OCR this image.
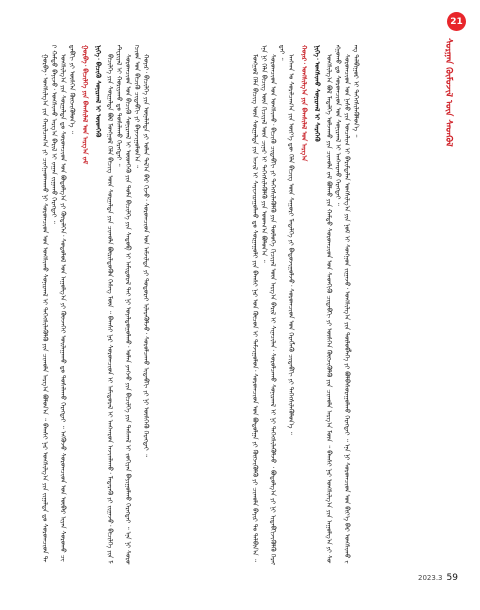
21
ᠰᠤᠷᠭᠠᠨ ᠬᠦᠮᠦᠵᠢᠯ ᠦᠨ ᠰᠡᠳᠬᠦᠯ

ᠮᠣᠩᠭᠣᠯ ᠬᠡᠯᠡ ᠪᠢᠴᠢᠭ ᠦᠨ ᠰᠤᠷᠭᠠᠯᠲᠠ ᠶᠢᠨ ᠠᠵᠢᠯ ᠢ ᠰᠠᠶᠢᠵᠢᠷᠠᠭᠤᠯᠬᠤ ᠳᠤ ᠰᠤᠷᠭᠠᠭᠤᠯᠢ ᠶᠢᠨ ᠪᠠᠭᠰᠢ ᠨᠠᠷ ᠤᠨ ᠬᠦᠴᠦᠨ ᠢ ᠳᠠᠮᠵᠢᠭᠤᠯᠤᠨ᠂ ᠰᠤᠷᠤᠭᠴᠢᠳ ᠤᠨ ᠪᠣᠳᠣᠯᠭᠠ ᠶᠢ ᠬᠥᠭᠵᠢᠭᠦᠯᠬᠦ ᠶᠢ ᠴᠢᠬᠤᠯᠠ ᠪᠠᠶᠢᠷ ᠲᠤ ᠲᠠᠯᠪᠢᠨ᠎ᠠ ᠃ ᠡᠨᠡ ᠨᠢ ᠬᠡᠯᠡ ᠪᠢᠴᠢᠭ ᠦᠨ ᠬᠢᠴᠢᠶᠡᠯ ᠦᠨ ᠴᠢᠨᠠᠷ ᠢ ᠳᠡᠭᠡᠭᠰᠢᠯᠡᠭᠦᠯᠬᠦ ᠶᠢᠨ ᠤᠳᠬ᠎ᠠ ᠪᠣᠯᠤᠨ᠎ᠠ ᠃ ᠰᠤᠷᠤᠭᠴᠢᠳ ᠤᠨ ᠤᠩᠰᠢᠬᠤ᠂ ᠪᠢᠴᠢᠬᠦ ᠴᠢᠳᠠᠪᠬᠢ ᠶᠢ ᠳᠡᠭᠡᠭᠰᠢᠯᠡᠭᠦᠯᠬᠦ ᠶᠢᠨ ᠲᠥᠯᠦᠭᠡ ᠬᠢᠴᠢᠶᠡᠯ ᠦᠨ ᠠᠷᠭ᠎ᠠ ᠪᠠᠷᠢᠯ ᠢ ᠰᠢᠨᠡᠴᠢᠯᠡᠨ᠂ ᠰᠤᠷᠤᠯᠴᠠᠬᠤ ᠰᠣᠨᠢᠷᠬᠠᠯ ᠢ ᠨᠢ ᠳᠡᠭᠡᠭᠰᠢᠯᠡᠭᠦᠯᠵᠦ ᠂ ᠪᠤᠳᠤᠯᠭ᠎ᠠ ᠶᠢ ᠨᠢ ᠢᠳᠡᠪᠬᠢᠵᠢᠭᠦᠯᠬᠦ ᠬᠡᠷᠡᠭᠲᠡᠢ ᠃

ᠠᠩᠬᠠᠨ ᠤ ᠰᠤᠷᠠᠯᠴᠠᠭ᠎ᠠ ᠶᠢᠨ ᠦᠶ᠎ᠡ ᠳᠦ ᠬᠡᠯᠡ ᠪᠢᠴᠢᠭ ᠦᠨ ᠰᠠᠭᠤᠷᠢ ᠮᠡᠳᠡᠯᠭᠡ ᠶᠢ ᠪᠠᠲᠤᠵᠢᠭᠤᠯᠵᠤ᠂ ᠰᠤᠷᠤᠭᠴᠢᠳ ᠤᠨ ᠬᠡᠷᠡᠭᠯᠡᠬᠦ ᠴᠢᠳᠠᠪᠬᠢ ᠶᠢ ᠳᠡᠭᠡᠭᠰᠢᠯᠡᠭᠦᠯᠦᠨ᠎ᠡ ᠃ ᠬᠣᠶᠠᠷ᠂ ᠤᠩᠰᠢᠯᠭ᠎ᠠ ᠶᠢᠨ ᠪᠠᠭᠰᠢᠯᠠᠯ ᠤᠨ ᠠᠷᠭ᠎ᠠ ᠨᠢᠭᠡ᠂ ᠤᠩᠰᠢᠬᠤ ᠰᠣᠨᠢᠷᠬᠠᠯ ᠢ ᠰᠡᠷᠡᠭᠡᠬᠦ ᠤᠩᠰᠢᠯᠭ᠎ᠠ ᠪᠣᠯ ᠮᠡᠳᠡᠯᠭᠡ ᠣᠯᠵᠠᠬᠤ ᠶᠢᠨ ᠴᠢᠬᠤᠯᠠ ᠵᠠᠮ ᠪᠣᠯᠬᠤ ᠶᠢᠨ ᠬᠠᠮᠲᠤ ᠰᠤᠷᠤᠭᠴᠢᠳ ᠤᠨ ᠰᠡᠳᠬᠢᠬᠦ ᠴᠢᠳᠠᠪᠬᠢ ᠶᠢ ᠥᠰᠬᠡᠨ ᠬᠥᠭᠵᠢᠭᠦᠯᠬᠦ ᠶᠢᠨ ᠴᠢᠬᠤᠯᠠ ᠠᠷᠭ᠎ᠠ ᠮᠥᠨ ᠃ ᠪᠠᠭᠰᠢ ᠨᠠᠷ ᠤᠩᠰᠢᠯᠭ᠎ᠠ ᠶᠢᠨ ᠠᠭᠤᠯᠭ᠎ᠠ ᠶᠢ ᠰᠣᠩᠭᠣᠬᠤ ᠳᠤ ᠰᠤᠷᠤᠭᠴᠢᠳ ᠤᠨ ᠰᠣᠨᠢᠷᠬᠠᠯ ᠢ ᠠᠩᠬᠠᠷᠬᠤ ᠬᠡᠷᠡᠭᠲᠡᠢ ᠃ ᠰᠤᠷᠤᠭᠴᠢᠳ ᠤᠨ ᠨᠠᠰᠤ ᠶᠢᠨ ᠣᠨᠴᠠᠯᠢᠭ ᠢ ᠪᠠᠷᠢᠮᠲᠠᠯᠠᠨ ᠤᠩᠰᠢᠯᠭ᠎ᠠ ᠶᠢᠨ ᠨᠣᠮ ᠢ ᠰᠣᠩᠭᠣᠨ ᠵᠢᠭᠠᠵᠤ᠂ ᠤᠩᠰᠢᠯᠭ᠎ᠠ ᠶᠢᠨ ᠲᠥᠯᠦᠪᠯᠡᠭᠡ ᠶᠢ ᠪᠣᠯᠪᠠᠰᠤᠷᠠᠭᠤᠯᠬᠤ ᠬᠡᠷᠡᠭᠲᠡᠢ ᠃ ᠡᠨᠡ ᠨᠢ ᠰᠤᠷᠤᠭᠴᠢᠳ ᠤᠨ ᠪᠢᠶ᠎ᠡ ᠪᠡᠷ ᠤᠩᠰᠢᠬᠤ ᠵᠠᠩ ᠲᠠᠯᠪᠢᠭᠤᠷ ᠢ ᠳᠡᠭᠡᠭᠰᠢᠯᠡᠭᠦᠯᠦᠨ᠎ᠡ ᠃

ᠭᠤᠷᠪᠠ᠂ ᠤᠩᠰᠢᠯᠭ᠎ᠠ ᠶᠢᠨ ᠬᠠᠷᠢᠯᠴᠠᠭ᠎ᠠ ᠶᠢ ᠴᠢᠩᠭᠠᠳᠬᠠᠬᠤ ᠨᠢ ᠰᠤᠷᠤᠭᠴᠢᠳ ᠤᠨ ᠤᠩᠰᠢᠬᠤ ᠰᠣᠨᠢᠷᠬᠠᠯ ᠢ ᠳᠡᠭᠡᠭᠰᠢᠯᠡᠭᠦᠯᠬᠦ ᠶᠢᠨ ᠴᠢᠬᠤᠯᠠ ᠠᠷᠭ᠎ᠠ ᠪᠣᠯᠤᠨ᠎ᠠ ᠃ ᠪᠠᠭᠰᠢ ᠨᠠᠷ ᠤᠩᠰᠢᠯᠭ᠎ᠠ ᠶᠢᠨ ᠵᠢᠭᠠᠯᠲᠠ ᠳᠤ ᠰᠤᠷᠤᠭᠴᠢᠳ ᠲᠠᠢ ᠬᠠᠮᠲᠤ ᠪᠠᠶᠢᠵᠤ᠂ ᠤᠩᠰᠢᠬᠤ ᠠᠷᠭ᠎ᠠ ᠪᠠᠷᠢᠯ ᠢ ᠵᠠᠭᠠᠨ ᠵᠢᠭᠠᠬᠤ ᠬᠡᠷᠡᠭᠲᠡᠢ ᠃ ᠤᠩᠰᠢᠯᠭ᠎ᠠ ᠶᠢᠨ ᠰᠤᠷᠭᠠᠯᠲᠠ ᠳᠤ ᠰᠤᠷᠤᠭᠴᠢᠳ ᠤᠨ ᠪᠣᠳᠣᠯᠭ᠎ᠠ ᠶᠢ ᠬᠥᠳᠡᠯᠭᠡᠨ᠂ ᠰᠣᠳᠤᠯᠤᠯ ᠤᠨ ᠠᠭᠤᠯᠭ᠎ᠠ ᠶᠢ ᠭᠦᠨᠵᠡᠭᠡᠢ ᠣᠢᠯᠠᠭᠠᠬᠤ ᠳᠤ ᠲᠤᠰᠠᠯᠠᠬᠤ ᠬᠡᠷᠡᠭᠲᠡᠢ ᠃ ᠡᠩᠭᠦᠵᠦ ᠰᠤᠷᠤᠭᠴᠢᠳ ᠤᠨ ᠥᠪᠡᠷ ᠢᠶᠡᠨ ᠰᠤᠷᠤᠬᠤ ᠴᠢᠳᠠᠪᠬᠢ ᠶᠢ ᠥᠰᠬᠡᠨ ᠬᠥᠭᠵᠢᠭᠦᠯᠦᠨ᠎ᠡ ᠃ ᠭᠤᠷᠪᠠ᠂ ᠪᠢᠴᠢᠯᠭᠡ ᠶᠢᠨ ᠪᠠᠭᠰᠢᠯᠠᠯ ᠤᠨ ᠠᠷᠭ᠎ᠠ ᠵᠠᠮ ᠨᠢᠭᠡ᠂ ᠪᠢᠴᠢᠬᠦ ᠰᠣᠨᠢᠷᠬᠠᠯ ᠢ ᠥᠳᠭᠡᠬᠦ ᠪᠢᠴᠢᠯᠭᠡ ᠶᠢᠨ ᠰᠤᠷᠭᠠᠯᠲᠠ ᠪᠣᠯ ᠮᠣᠩᠭᠣᠯ ᠬᠡᠯᠡ ᠪᠢᠴᠢᠭ ᠦᠨ ᠰᠤᠷᠭᠠᠯᠲᠠ ᠶᠢᠨ ᠴᠢᠬᠤᠯᠠ ᠪᠦᠷᠢᠯᠳᠦᠬᠦᠨ ᠬᠡᠰᠡᠭ ᠮᠥᠨ ᠃ ᠪᠠᠭᠰᠢ ᠨᠠᠷ ᠰᠤᠷᠤᠭᠴᠢᠳ ᠢ ᠠᠮᠢᠳᠤᠷᠠᠯ ᠢ ᠠᠩᠬᠠᠷᠤᠨ ᠠᠵᠢᠭᠯᠠᠬᠤ᠂ ᠮᠡᠳᠡᠷᠡᠬᠦ ᠶᠢ ᠵᠢᠭᠠᠵᠤ᠂ ᠪᠢᠴᠢᠯᠭᠡ ᠶᠢᠨ ᠮᠠᠲᠧᠷᠢᠶᠠᠯ ᠢ ᠬᠤᠷᠢᠶᠠᠬᠤ ᠳᠤ ᠲᠤᠰᠠᠯᠠᠬᠤ ᠬᠡᠷᠡᠭᠲᠡᠢ ᠃ ᠰᠤᠷᠤᠭᠴᠢᠳ ᠤᠨ ᠪᠢᠴᠢᠬᠦ ᠰᠣᠨᠢᠷᠬᠠᠯ ᠢ ᠥᠳᠭᠡᠬᠦ ᠶᠢᠨ ᠲᠤᠯᠠ ᠪᠢᠴᠢᠯᠭᠡ ᠶᠢᠨ ᠰᠡᠳᠦᠪ ᠢ ᠠᠮᠢᠳᠤᠷᠠᠯ ᠲᠠᠢ ᠨᠢ ᠤᠶᠠᠯᠳᠤᠭᠤᠯᠬᠤ᠂ ᠣᠯᠠᠨ ᠶᠠᠩᠵᠤ ᠶᠢᠨ ᠪᠢᠴᠢᠯᠭᠡ ᠶᠢᠨ ᠳᠠᠰᠬᠠᠯ ᠢ ᠵᠣᠬᠢᠶᠠᠨ ᠪᠠᠶᠢᠭᠤᠯᠬᠤ ᠬᠡᠷᠡᠭᠲᠡᠢ ᠃ ᠡᠨᠡ ᠨᠢ ᠰᠤᠷᠤᠭᠴᠢᠳ ᠤᠨ ᠪᠢᠴᠢᠬᠦ ᠴᠢᠳᠠᠪᠬᠢ ᠶᠢ ᠪᠠᠶᠠᠵᠢᠭᠤᠯᠤᠨ᠎ᠠ ᠃ ᠬᠣᠶᠠᠷ᠂ ᠪᠢᠴᠢᠯᠭᠡ ᠶᠢᠨ ᠦᠨᠡᠯᠡᠯᠲᠡ ᠶᠢ ᠣᠯᠠᠨ ᠲᠠᠯ᠎ᠠ ᠪᠠᠷ ᠬᠢᠵᠦ᠂ ᠰᠤᠷᠤᠭᠴᠢᠳ ᠤᠨ ᠠᠮᠵᠢᠯᠲᠠ ᠶᠢ ᠲᠣᠳᠣᠷᠠᠢ ᠢᠯᠡᠷᠡᠭᠦᠯᠵᠦ᠂ ᠰᠤᠷᠤᠯᠴᠠᠬᠤ ᠢᠳᠡᠪᠬᠢ ᠶᠢ ᠨᠢ ᠥᠰᠬᠡᠬᠦ ᠬᠡᠷᠡᠭᠲᠡᠢ ᠃

2023.3 59
